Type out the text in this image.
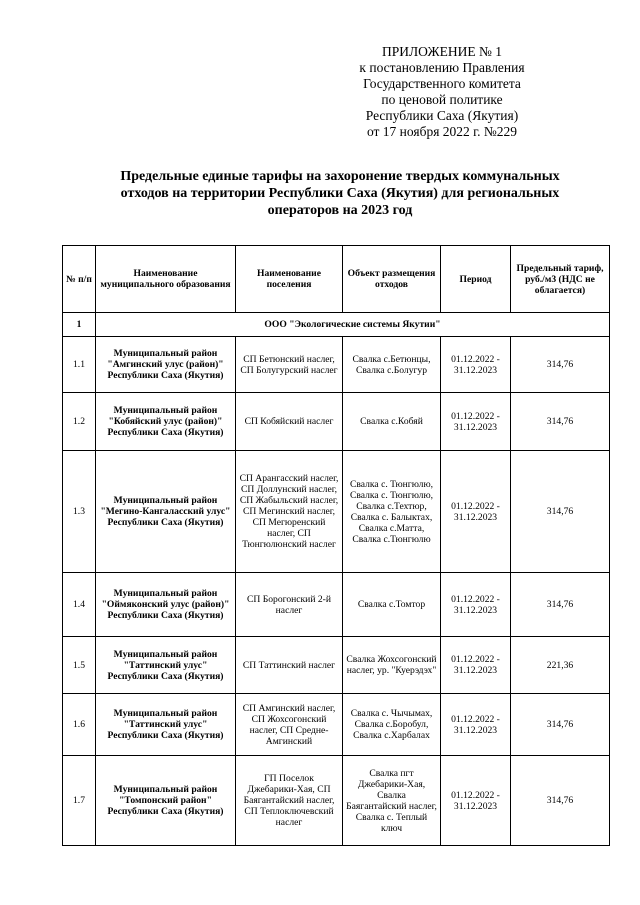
ПРИЛОЖЕНИЕ № 1
к постановлению Правления
Государственного комитета
по ценовой политике
Республики Саха (Якутия)
от 17 ноября 2022 г. №229
Предельные единые тарифы на захоронение твердых коммунальных
отходов на территории Республики Саха (Якутия) для региональных
операторов на 2023 год
№ п/п	Наименование муниципального образования	Наименование поселения	Объект размещения отходов	Период	Предельный тариф, руб./м3 (НДС не облагается)
1	ООО "Экологические системы Якутии"				
1.1	Муниципальный район "Амгинский улус (район)" Республики Саха (Якутия)	СП Бетюнский наслег, СП Болугурский наслег	Свалка с.Бетюнцы, Свалка с.Болугур	01.12.2022 - 31.12.2023	314,76
1.2	Муниципальный район "Кобяйский улус (район)" Республики Саха (Якутия)	СП Кобяйский наслег	Свалка с.Кобяй	01.12.2022 - 31.12.2023	314,76
1.3	Муниципальный район "Мегино-Кангаласский улус" Республики Саха (Якутия)	СП Арангасский наслег, СП Доллунский наслег, СП Жабыльский наслег, СП Мегинский наслег, СП Мегюренский наслег, СП Тюнгюлюнский наслег	Свалка с. Тюнгюлю, Свалка с. Тюнгюлю, Свалка с.Техтюр, Свалка с. Балыктах, Свалка с.Матта, Свалка с.Тюнгюлю	01.12.2022 - 31.12.2023	314,76
1.4	Муниципальный район "Оймяконский улус (район)" Республики Саха (Якутия)	СП Борогонский 2-й наслег	Свалка с.Томтор	01.12.2022 - 31.12.2023	314,76
1.5	Муниципальный район "Таттинский улус" Республики Саха (Якутия)	СП Таттинский наслег	Свалка Жохсогонский наслег, ур. "Куерэдэх"	01.12.2022 - 31.12.2023	221,36
1.6	Муниципальный район "Таттинский улус" Республики Саха (Якутия)	СП Амгинский наслег, СП Жохсогонский наслег, СП Средне-Амгинский	Свалка с. Чычымах, Свалка с.Боробул, Свалка с.Харбалах	01.12.2022 - 31.12.2023	314,76
1.7	Муниципальный район "Томпонский район" Республики Саха (Якутия)	ГП Поселок Джебарики-Хая, СП Баягантайский наслег, СП Теплоключевский наслег	Свалка пгт Джебарики-Хая, Свалка Баягантайский наслег, Свалка с. Теплый ключ	01.12.2022 - 31.12.2023	314,76
